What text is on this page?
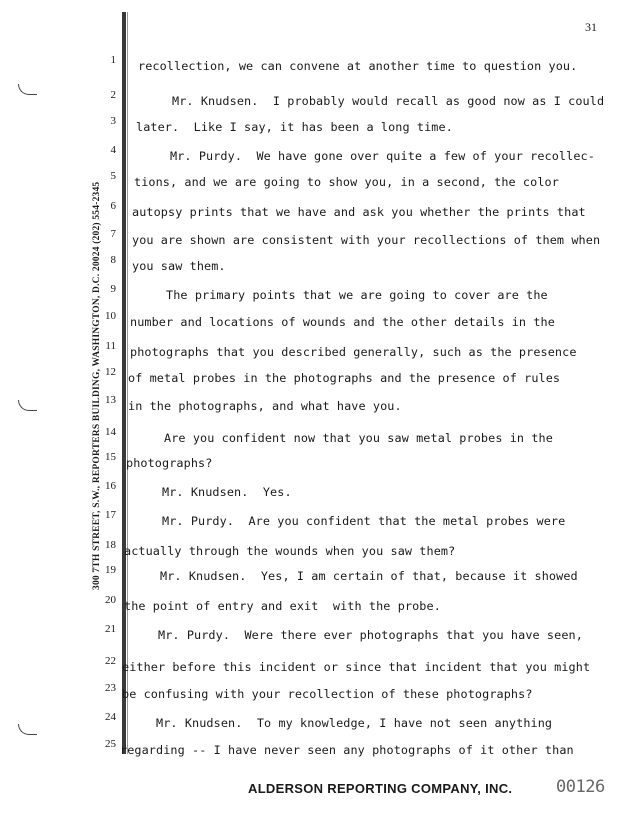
31
300 7TH STREET, S.W., REPORTERS BUILDING, WASHINGTON, D.C. 20024 (202) 554-2345
1 recollection, we can convene at another time to question you.
2 Mr. Knudsen.  I probably would recall as good now as I could
3 later.  Like I say, it has been a long time.
4 Mr. Purdy.  We have gone over quite a few of your recollec-
5 tions, and we are going to show you, in a second, the color
6 autopsy prints that we have and ask you whether the prints that
7 you are shown are consistent with your recollections of them when
8 you saw them.
9 The primary points that we are going to cover are the
10 number and locations of wounds and the other details in the
11 photographs that you described generally, such as the presence
12 of metal probes in the photographs and the presence of rules
13 in the photographs, and what have you.
14 Are you confident now that you saw metal probes in the
15 photographs?
16 Mr. Knudsen.  Yes.
17 Mr. Purdy.  Are you confident that the metal probes were
18 actually through the wounds when you saw them?
19 Mr. Knudsen.  Yes, I am certain of that, because it showed
20 the point of entry and exit  with the probe.
21 Mr. Purdy.  Were there ever photographs that you have seen,
22 either before this incident or since that incident that you might
23 be confusing with your recollection of these photographs?
24 Mr. Knudsen.  To my knowledge, I have not seen anything
25 regarding -- I have never seen any photographs of it other than
ALDERSON REPORTING COMPANY, INC.	00126
